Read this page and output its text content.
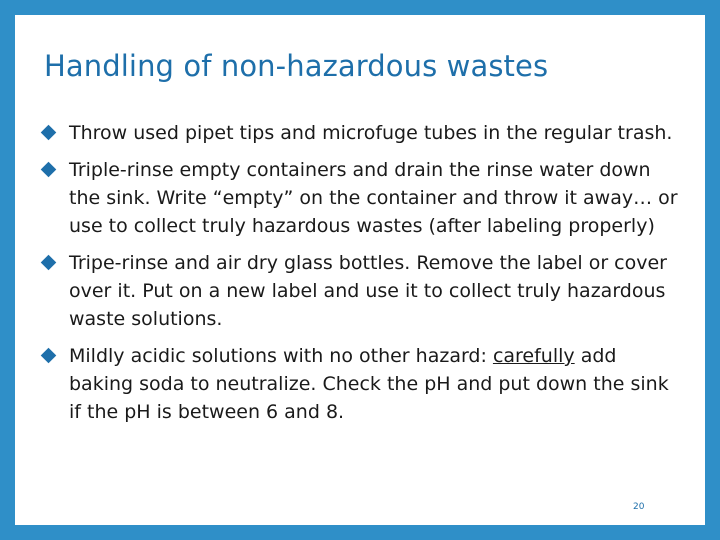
Handling of non-hazardous wastes
Throw used pipet tips and microfuge tubes in the regular trash.
Triple-rinse empty containers and drain the rinse water down the sink. Write “empty” on the container and throw it away… or use to collect truly hazardous wastes (after labeling properly)
Tripe-rinse and air dry glass bottles. Remove the label or cover over it. Put on a new label and use it to collect truly hazardous waste solutions.
Mildly acidic solutions with no other hazard: carefully add baking soda to neutralize. Check the pH and put down the sink if the pH is between 6 and 8.
20
